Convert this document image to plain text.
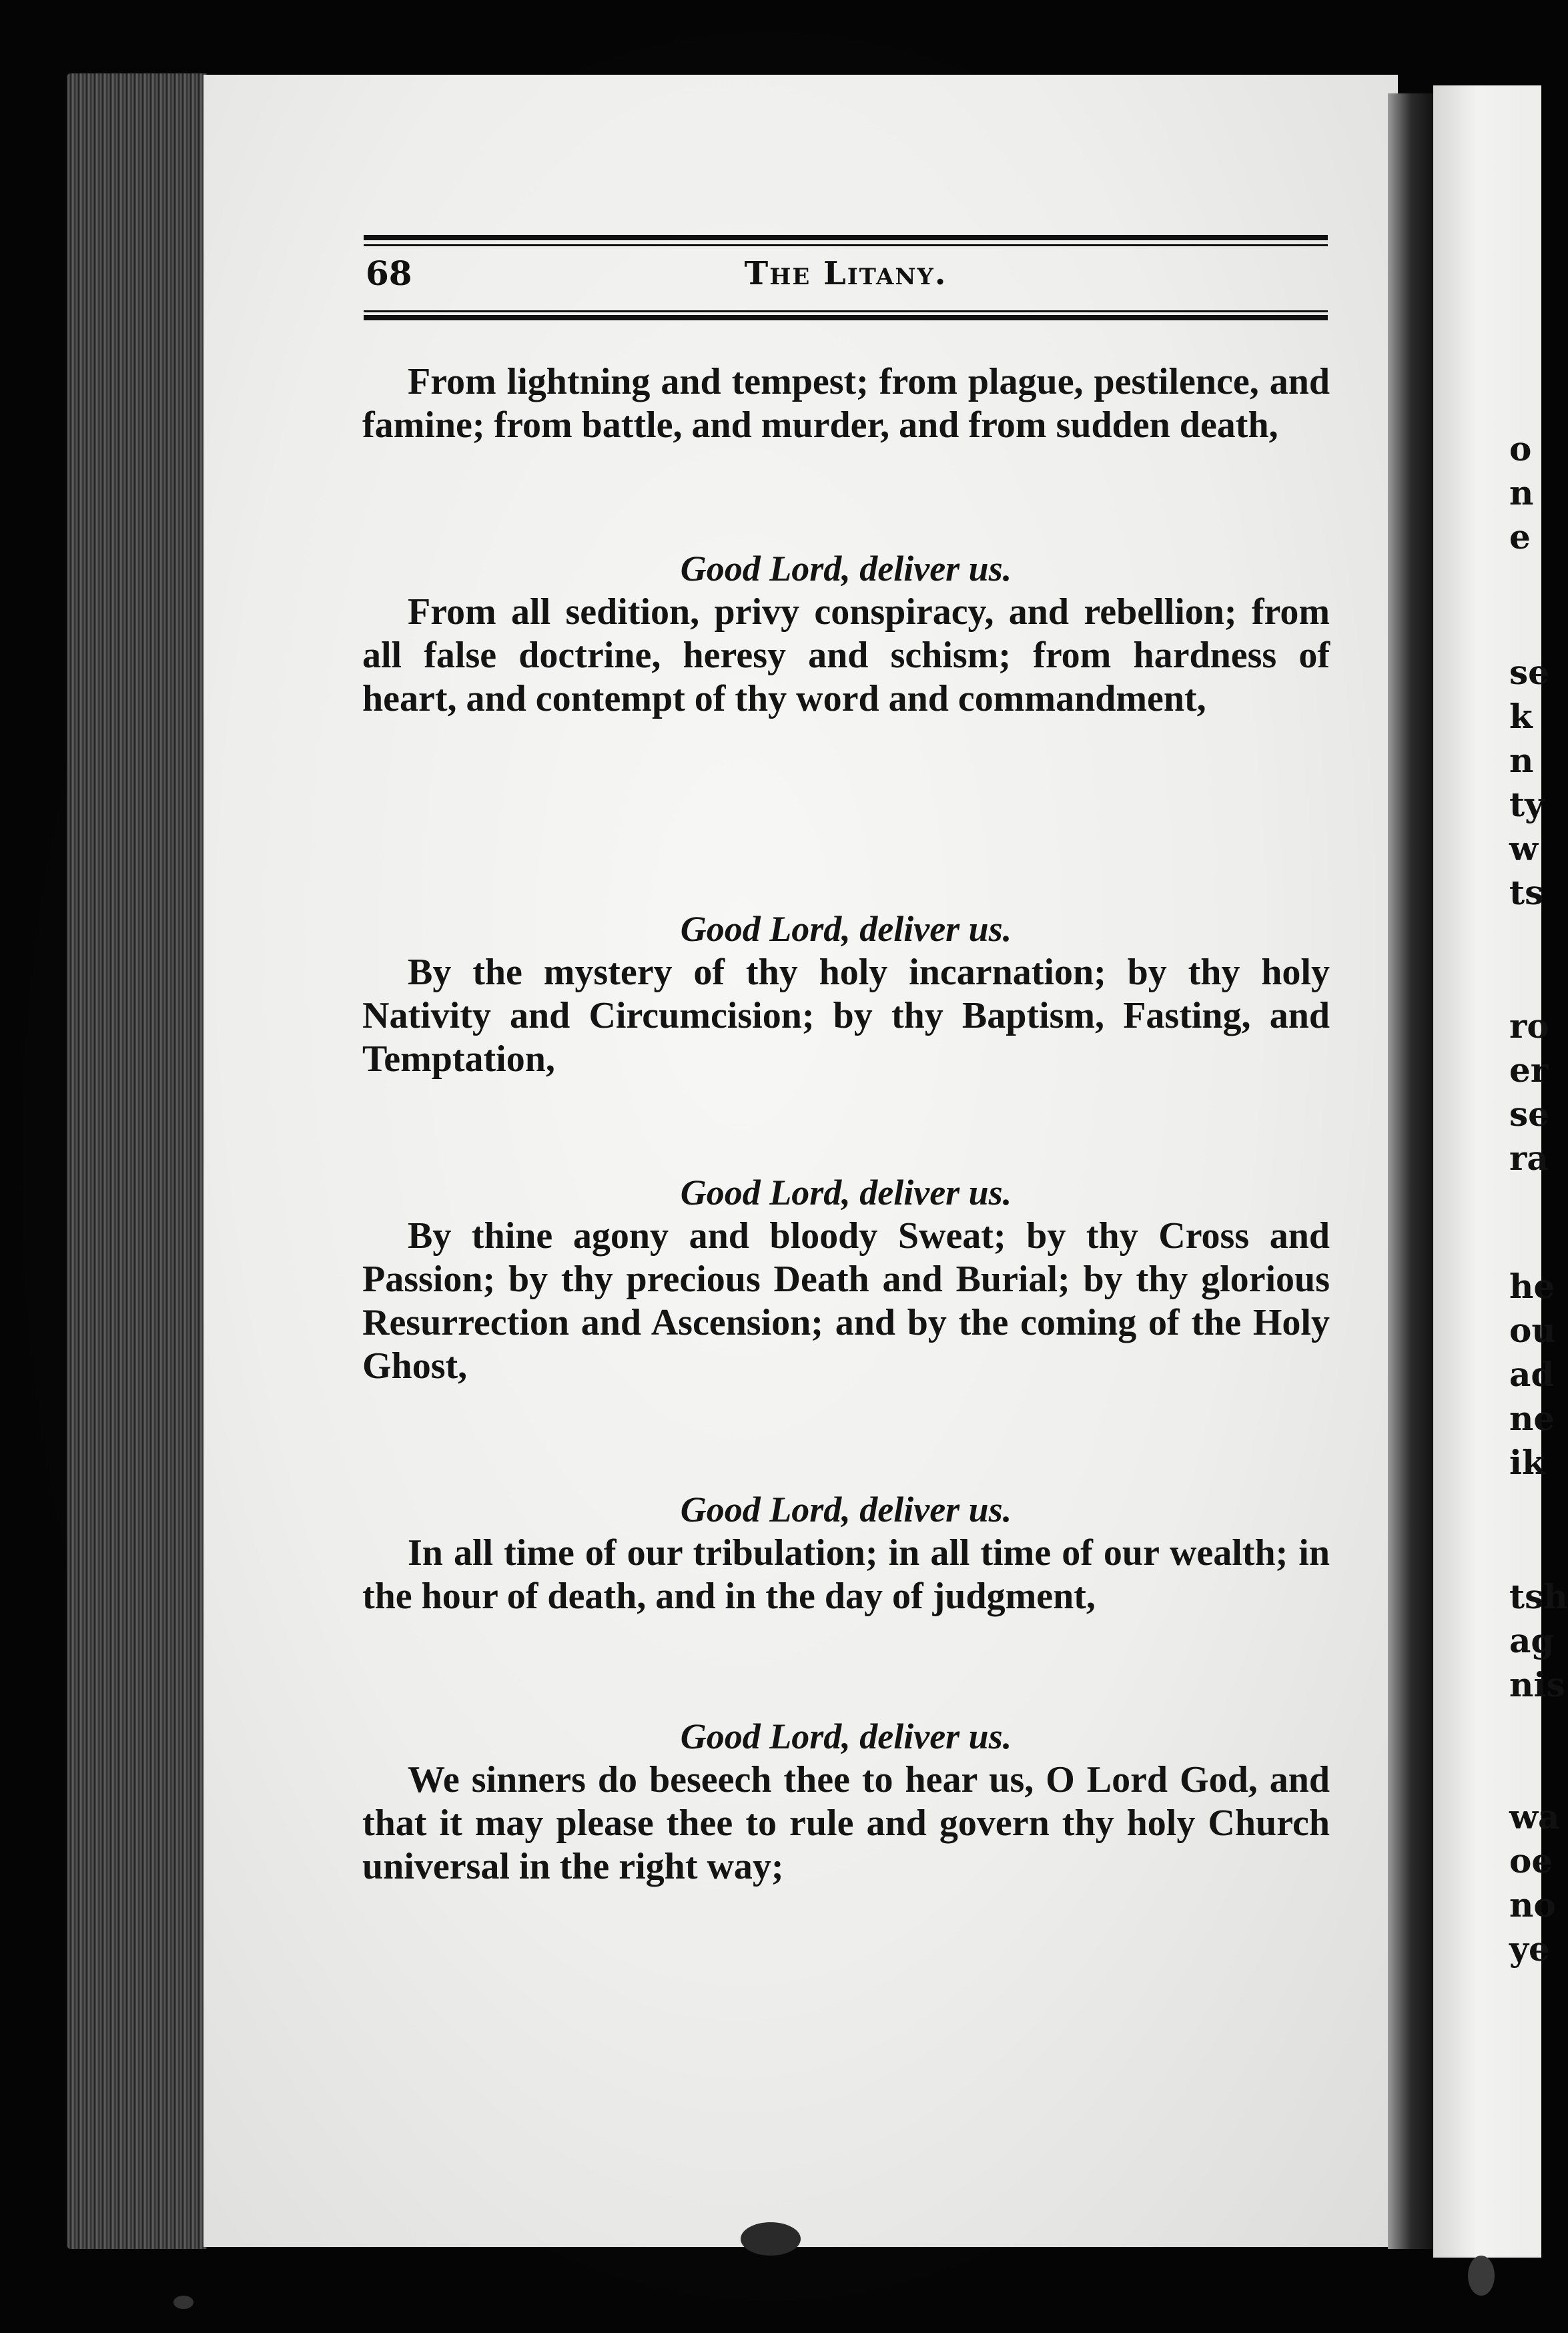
68	The Litany.

From lightning and tempest; from plague, pestilence, and famine; from battle, and murder, and from sudden death,

Good Lord, deliver us.

From all sedition, privy conspiracy, and rebellion; from all false doctrine, heresy and schism; from hardness of heart, and contempt of thy word and commandment,

Good Lord, deliver us.

By the mystery of thy holy incarnation; by thy holy Nativity and Circumcision; by thy Baptism, Fasting, and Temptation,

Good Lord, deliver us.

By thine agony and bloody Sweat; by thy Cross and Passion; by thy precious Death and Burial; by thy glorious Resurrection and Ascension; and by the coming of the Holy Ghost,

Good Lord, deliver us.

In all time of our tribulation; in all time of our wealth; in the hour of death, and in the day of judgment,

Good Lord, deliver us.

We sinners do beseech thee to hear us, O Lord God, and that it may please thee to rule and govern thy holy Church universal in the right way;

o
n
e
se
k
n
ty
w
ts
ro
er
se
ra
he
ou
ad
ne
ik
tsh
ag
nis
wa
oe
no
ye
